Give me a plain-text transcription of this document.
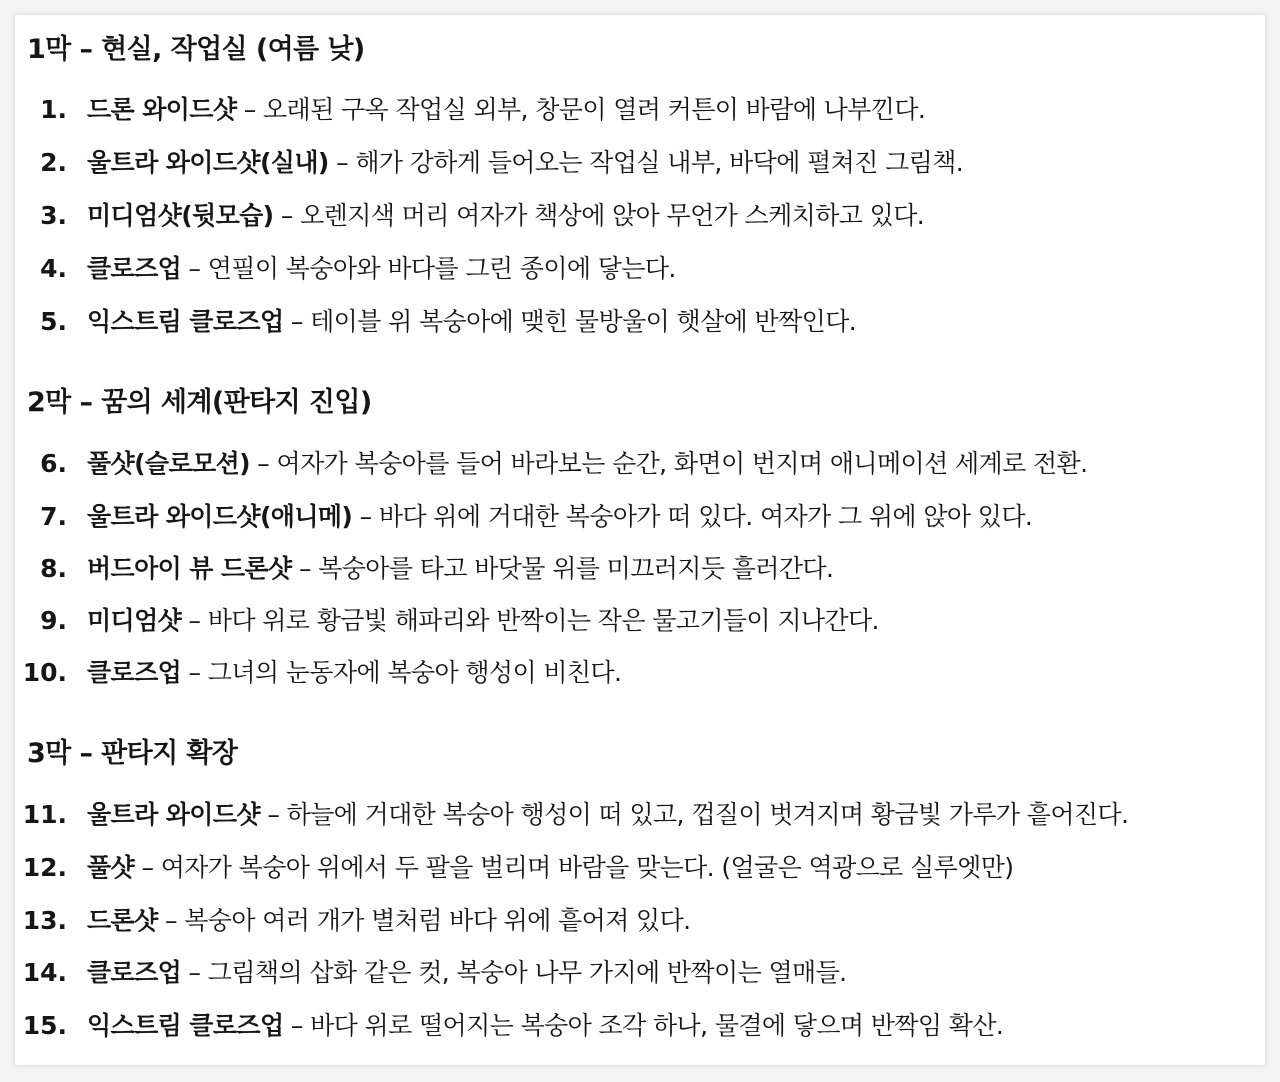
1막 – 현실, 작업실 (여름 낮)
1. 드론 와이드샷 – 오래된 구옥 작업실 외부, 창문이 열려 커튼이 바람에 나부낀다.
2. 울트라 와이드샷(실내) – 해가 강하게 들어오는 작업실 내부, 바닥에 펼쳐진 그림책.
3. 미디엄샷(뒷모습) – 오렌지색 머리 여자가 책상에 앉아 무언가 스케치하고 있다.
4. 클로즈업 – 연필이 복숭아와 바다를 그린 종이에 닿는다.
5. 익스트림 클로즈업 – 테이블 위 복숭아에 맺힌 물방울이 햇살에 반짝인다.
2막 – 꿈의 세계(판타지 진입)
6. 풀샷(슬로모션) – 여자가 복숭아를 들어 바라보는 순간, 화면이 번지며 애니메이션 세계로 전환.
7. 울트라 와이드샷(애니메) – 바다 위에 거대한 복숭아가 떠 있다. 여자가 그 위에 앉아 있다.
8. 버드아이 뷰 드론샷 – 복숭아를 타고 바닷물 위를 미끄러지듯 흘러간다.
9. 미디엄샷 – 바다 위로 황금빛 해파리와 반짝이는 작은 물고기들이 지나간다.
10. 클로즈업 – 그녀의 눈동자에 복숭아 행성이 비친다.
3막 – 판타지 확장
11. 울트라 와이드샷 – 하늘에 거대한 복숭아 행성이 떠 있고, 껍질이 벗겨지며 황금빛 가루가 흩어진다.
12. 풀샷 – 여자가 복숭아 위에서 두 팔을 벌리며 바람을 맞는다. (얼굴은 역광으로 실루엣만)
13. 드론샷 – 복숭아 여러 개가 별처럼 바다 위에 흩어져 있다.
14. 클로즈업 – 그림책의 삽화 같은 컷, 복숭아 나무 가지에 반짝이는 열매들.
15. 익스트림 클로즈업 – 바다 위로 떨어지는 복숭아 조각 하나, 물결에 닿으며 반짝임 확산.
